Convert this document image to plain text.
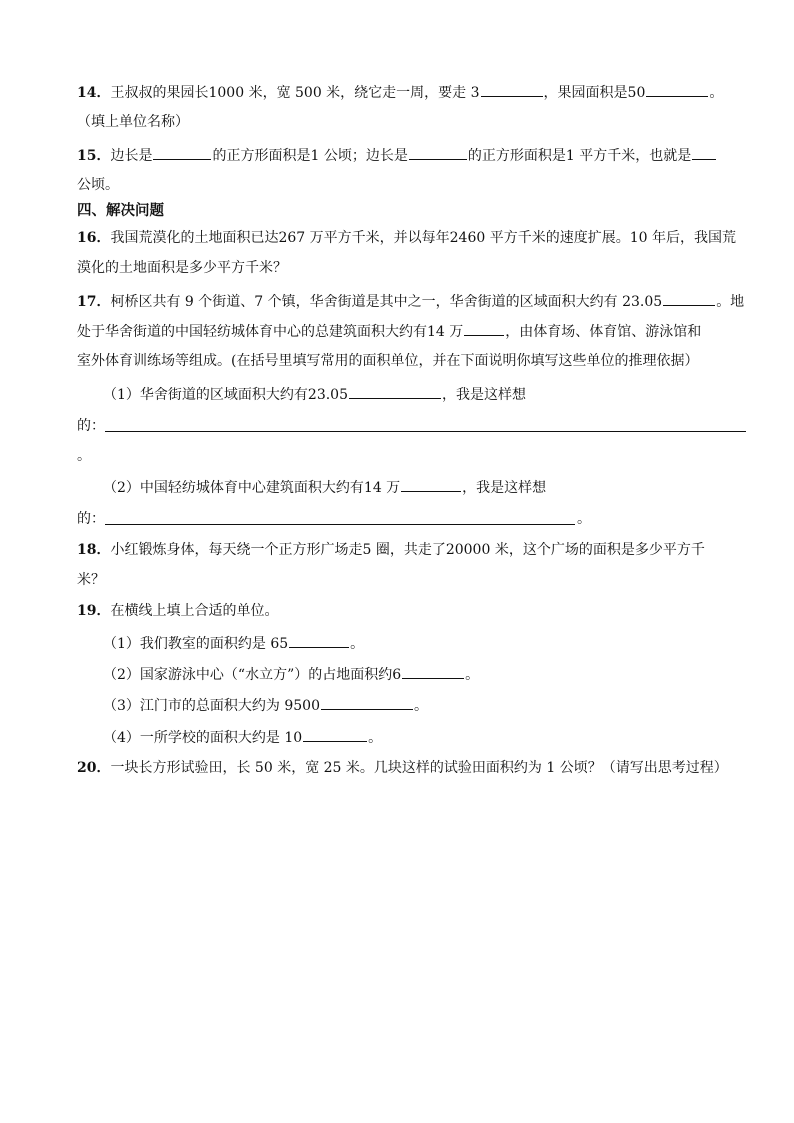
14．王叔叔的果园长1000 米，宽 500 米，绕它走一周，要走 3	，果园面积是50	。
（填上单位名称）
15．边长是	的正方形面积是1 公顷；边长是	的正方形面积是1 平方千米，也就是
公顷。
四、解决问题
16．我国荒漠化的土地面积已达267 万平方千米，并以每年2460 平方千米的速度扩展。10 年后，我国荒
漠化的土地面积是多少平方千米？
17．柯桥区共有 9 个街道、7 个镇，华舍街道是其中之一，华舍街道的区域面积大约有 23.05	。地
处于华舍街道的中国轻纺城体育中心的总建筑面积大约有14 万	，由体育场、体育馆、游泳馆和
室外体育训练场等组成。(在括号里填写常用的面积单位，并在下面说明你填写这些单位的推理依据）
（1）华舍街道的区域面积大约有23.05	，我是这样想
的：
。
（2）中国轻纺城体育中心建筑面积大约有14 万	，我是这样想
的：	。
18．小红锻炼身体，每天绕一个正方形广场走5 圈，共走了20000 米，这个广场的面积是多少平方千
米？
19．在横线上填上合适的单位。
（1）我们教室的面积约是 65	。
（2）国家游泳中心（“水立方”）的占地面积约6	。
（3）江门市的总面积大约为 9500	。
（4）一所学校的面积大约是 10	。
20．一块长方形试验田，长 50 米，宽 25 米。几块这样的试验田面积约为 1 公顷？（请写出思考过程）
